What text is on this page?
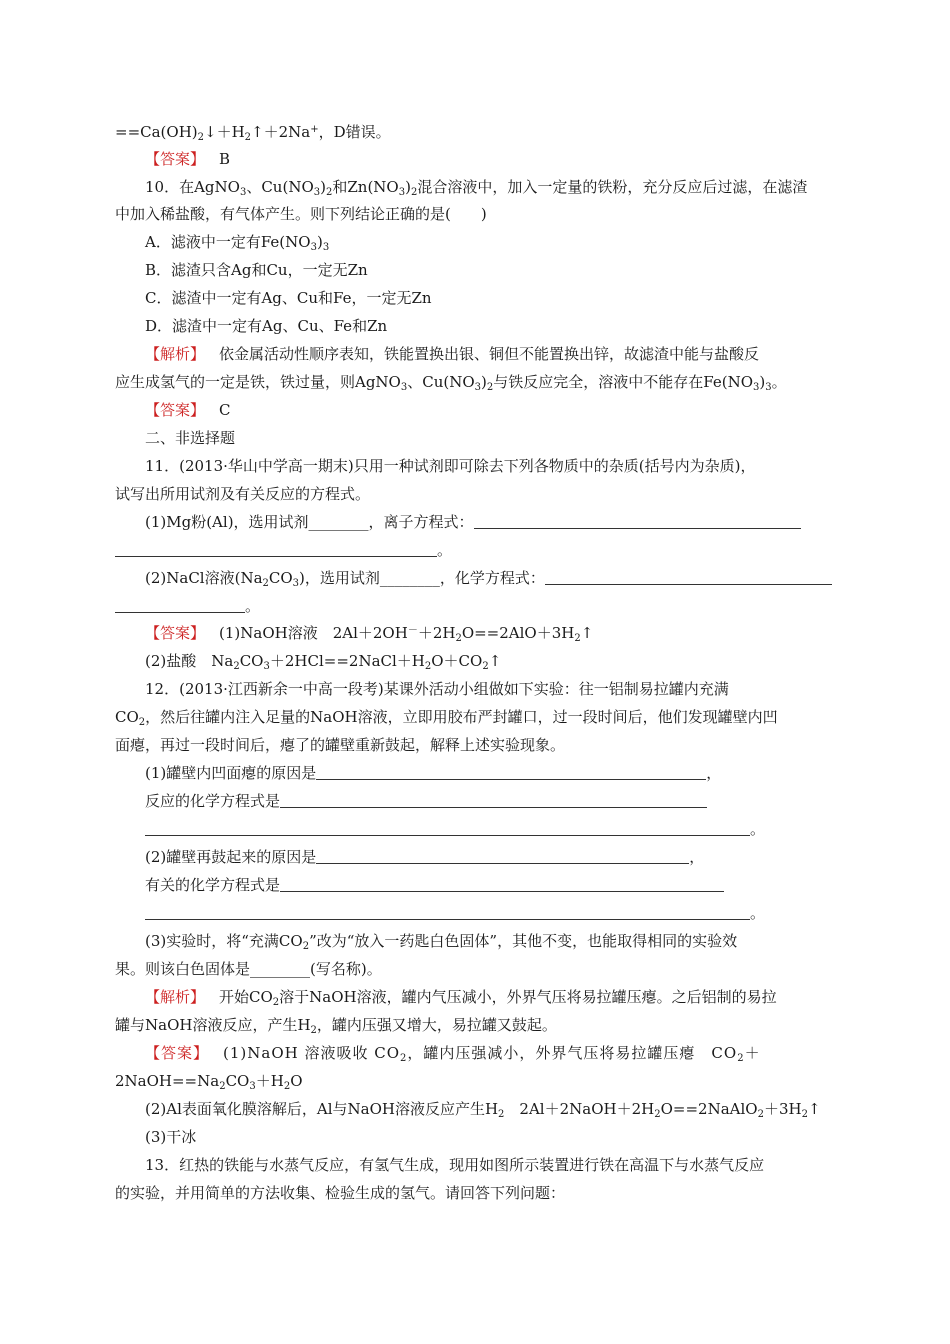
$==Ca(OH)_2↓+H_2↑+2Na^+$，D错误。
【答案】 B
10．在AgNO$_3$、$Cu(NO_3)_2$和$Zn(NO_3)_2$混合溶液中，加入一定量的铁粉，充分反应后过滤，在滤渣
中加入稀盐酸，有气体产生。则下列结论正确的是(　　)
A．滤液中一定有$Fe(NO_3)_3$
B．滤渣只含Ag和Cu，一定无Zn
C．滤渣中一定有Ag、Cu和Fe，一定无Zn
D．滤渣中一定有Ag、Cu、Fe和Zn
【解析】 依金属活动性顺序表知，铁能置换出银、铜但不能置换出锌，故滤渣中能与盐酸反
应生成氢气的一定是铁，铁过量，则AgNO$_3$、$Cu(NO_3)_2$与铁反应完全，溶液中不能存在$Fe(NO_3)_3$。
【答案】 C
二、非选择题
11．(2013·华山中学高一期末)只用一种试剂即可除去下列各物质中的杂质(括号内为杂质)，
试写出所用试剂及有关反应的方程式。
(1)Mg粉(Al)，选用试剂________，离子方程式：
。
(2)NaCl溶液$(Na_2CO_3)$，选用试剂________，化学方程式：
。
【答案】 (1)NaOH溶液　$2Al+2OH^-+2H_2O==2AlO+3H_2↑$
(2)盐酸　$Na_2CO_3+2HCl==2NaCl+H_2O+CO_2↑$
12．(2013·江西新余一中高一段考)某课外活动小组做如下实验：往一铝制易拉罐内充满
$CO_2$，然后往罐内注入足量的NaOH溶液，立即用胶布严封罐口，过一段时间后，他们发现罐壁内凹
面瘪，再过一段时间后，瘪了的罐壁重新鼓起，解释上述实验现象。
(1)罐壁内凹面瘪的原因是	，
反应的化学方程式是
。
(2)罐壁再鼓起来的原因是	，
有关的化学方程式是
。
(3)实验时，将“充满$CO_2$”改为“放入一药匙白色固体”，其他不变，也能取得相同的实验效
果。则该白色固体是________(写名称)。
【解析】 开始$CO_2$溶于NaOH溶液，罐内气压减小，外界气压将易拉罐压瘪。之后铝制的易拉
罐与NaOH溶液反应，产生$H_2$，罐内压强又增大，易拉罐又鼓起。
【答案】 (1)NaOH 溶液吸收 $CO_2$，罐内压强减小，外界气压将易拉罐压瘪　$CO_2+$
$2NaOH==Na_2CO_3+H_2O$
(2)Al表面氧化膜溶解后，Al与NaOH溶液反应产生$H_2$　$2Al+2NaOH+2H_2O==2NaAlO_2+3H_2↑$
(3)干冰
13．红热的铁能与水蒸气反应，有氢气生成，现用如图所示装置进行铁在高温下与水蒸气反应
的实验，并用简单的方法收集、检验生成的氢气。请回答下列问题：
